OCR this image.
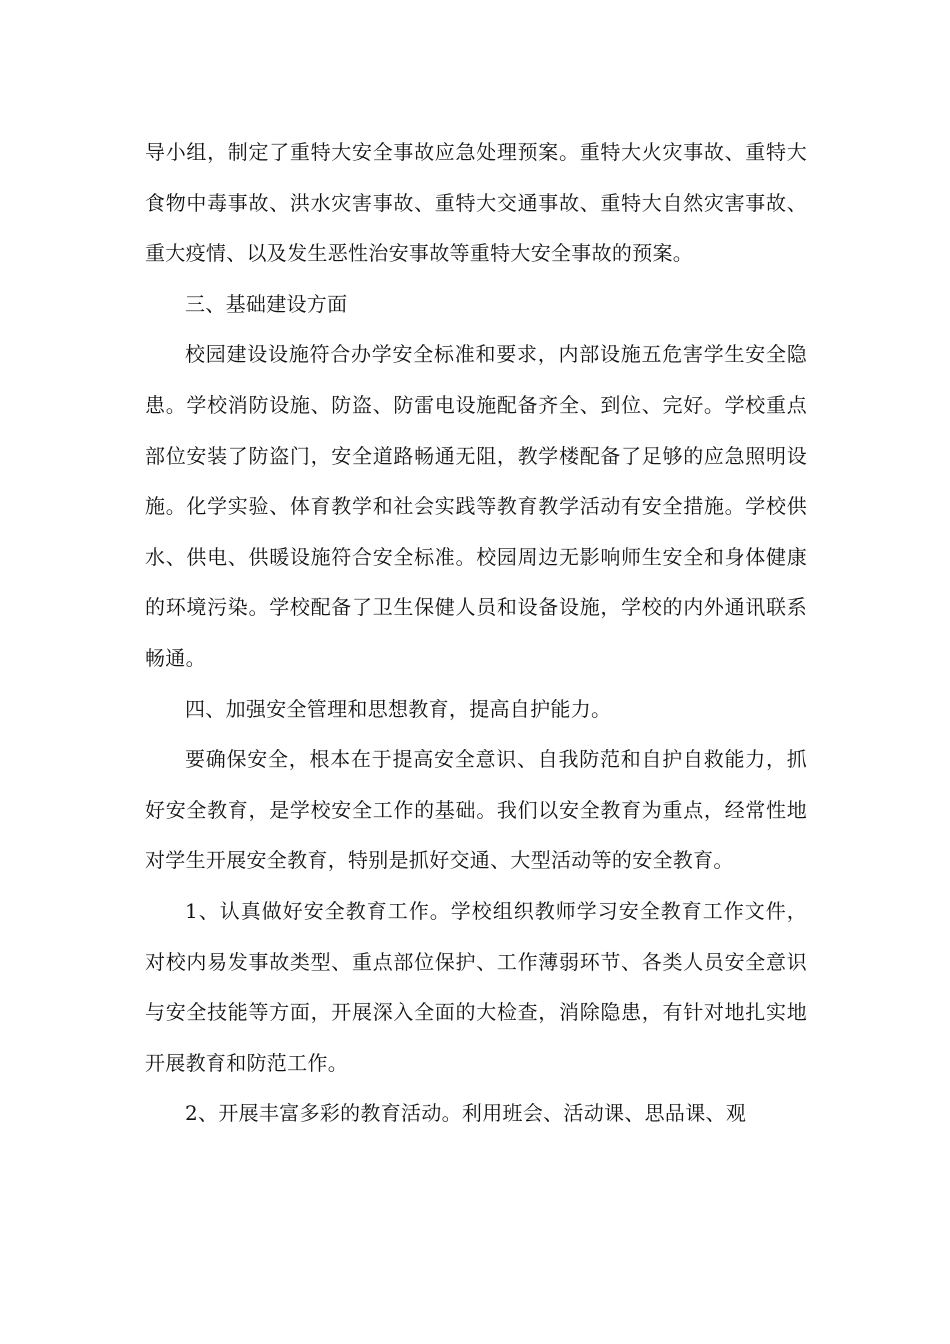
导小组，制定了重特大安全事故应急处理预案。重特大火灾事故、重特大食物中毒事故、洪水灾害事故、重特大交通事故、重特大自然灾害事故、重大疫情、以及发生恶性治安事故等重特大安全事故的预案。

三、基础建设方面

校园建设设施符合办学安全标准和要求，内部设施五危害学生安全隐患。学校消防设施、防盗、防雷电设施配备齐全、到位、完好。学校重点部位安装了防盗门，安全道路畅通无阻，教学楼配备了足够的应急照明设施。化学实验、体育教学和社会实践等教育教学活动有安全措施。学校供水、供电、供暖设施符合安全标准。校园周边无影响师生安全和身体健康的环境污染。学校配备了卫生保健人员和设备设施，学校的内外通讯联系畅通。

四、加强安全管理和思想教育，提高自护能力。

要确保安全，根本在于提高安全意识、自我防范和自护自救能力，抓好安全教育，是学校安全工作的基础。我们以安全教育为重点，经常性地对学生开展安全教育，特别是抓好交通、大型活动等的安全教育。

1、认真做好安全教育工作。学校组织教师学习安全教育工作文件，对校内易发事故类型、重点部位保护、工作薄弱环节、各类人员安全意识与安全技能等方面，开展深入全面的大检查，消除隐患，有针对地扎实地开展教育和防范工作。

2、开展丰富多彩的教育活动。利用班会、活动课、思品课、观
